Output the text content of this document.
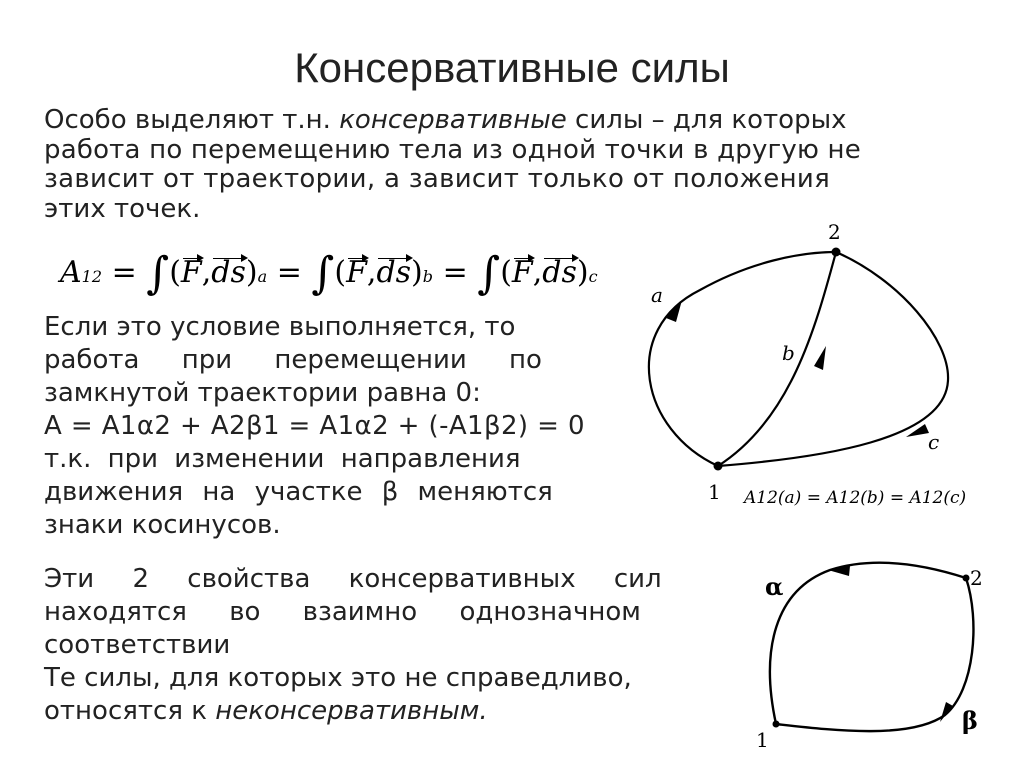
Консервативные силы
Особо выделяют т.н. консервативные силы – для которых
работа по перемещению тела из одной точки в другую не
зависит от траектории, а зависит только от положения
этих точек.
A12 = ∫(F,ds)a = ∫(F,ds)b = ∫(F,ds)c
Если это условие выполняется, то
работа при перемещении по
замкнутой траектории равна 0:
А = А1α2 + А2β1 = А1α2 + (-А1β2) = 0
т.к. при изменении направления
движения на участке β меняются
знаки косинусов.
Эти 2 свойства консервативных сил
находятся во взаимно однозначном
соответствии
Те силы, для которых это не справедливо,
относятся к неконсервативным.
2
1
a
b
c
A12(a) = A12(b) = A12(c)
α
β
2
1
